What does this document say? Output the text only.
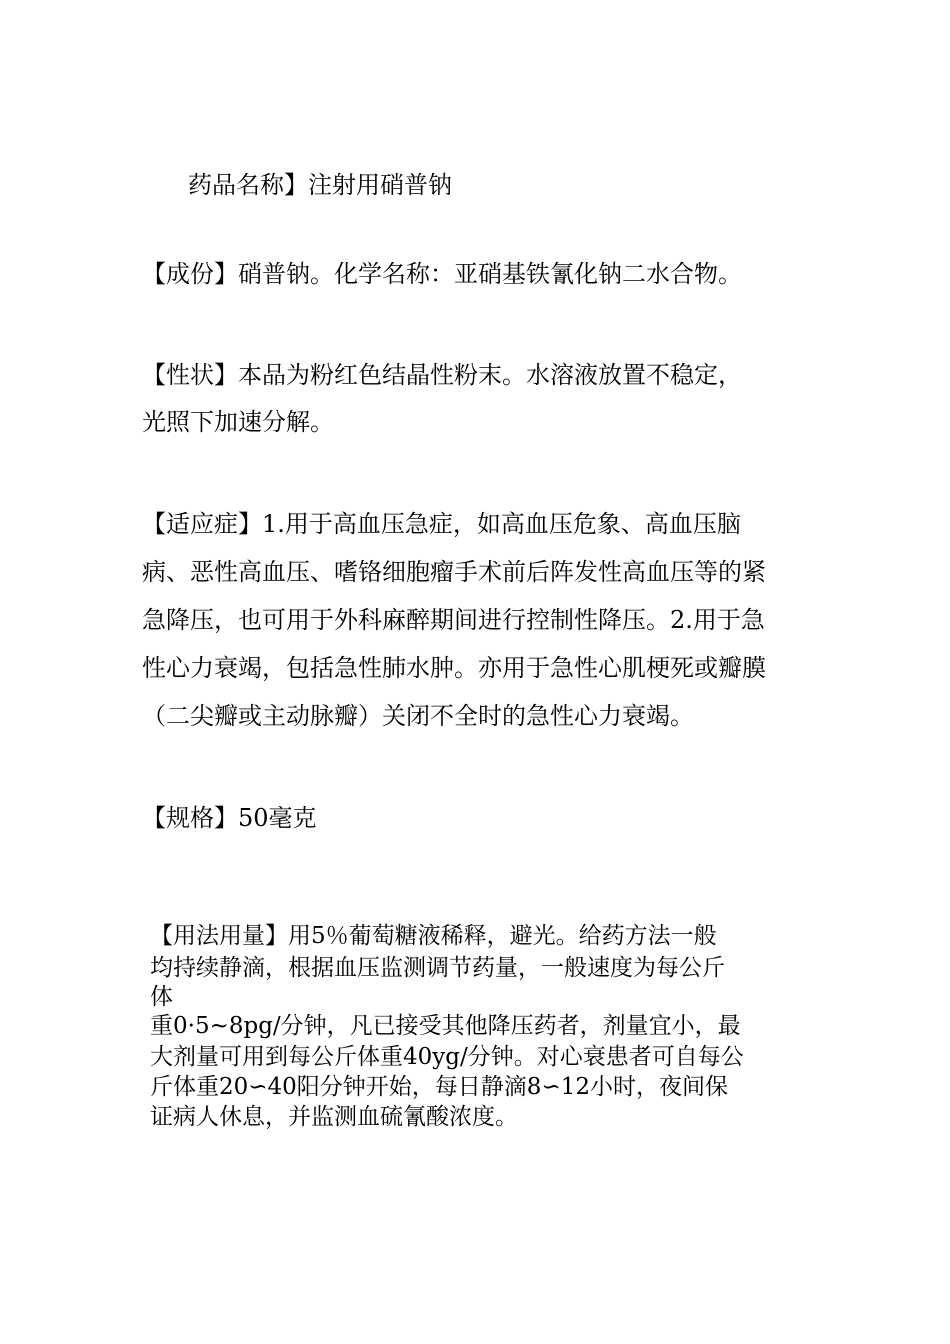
药品名称】注射用硝普钠
【成份】硝普钠。化学名称：亚硝基铁氰化钠二水合物。
【性状】本品为粉红色结晶性粉末。水溶液放置不稳定，
光照下加速分解。
【适应症】1.用于高血压急症，如高血压危象、高血压脑
病、恶性高血压、嗜铬细胞瘤手术前后阵发性高血压等的紧
急降压，也可用于外科麻醉期间进行控制性降压。2.用于急
性心力衰竭，包括急性肺水肿。亦用于急性心肌梗死或瓣膜
（二尖瓣或主动脉瓣）关闭不全时的急性心力衰竭。
【规格】50毫克
【用法用量】用5％葡萄糖液稀释，避光。给药方法一般
均持续静滴，根据血压监测调节药量，一般速度为每公斤
体
重0·5~8pg/分钟，凡已接受其他降压药者，剂量宜小，最
大剂量可用到每公斤体重40yg/分钟。对心衰患者可自每公
斤体重20∽40阳分钟开始，每日静滴8∽12小时，夜间保
证病人休息，并监测血硫氰酸浓度。
